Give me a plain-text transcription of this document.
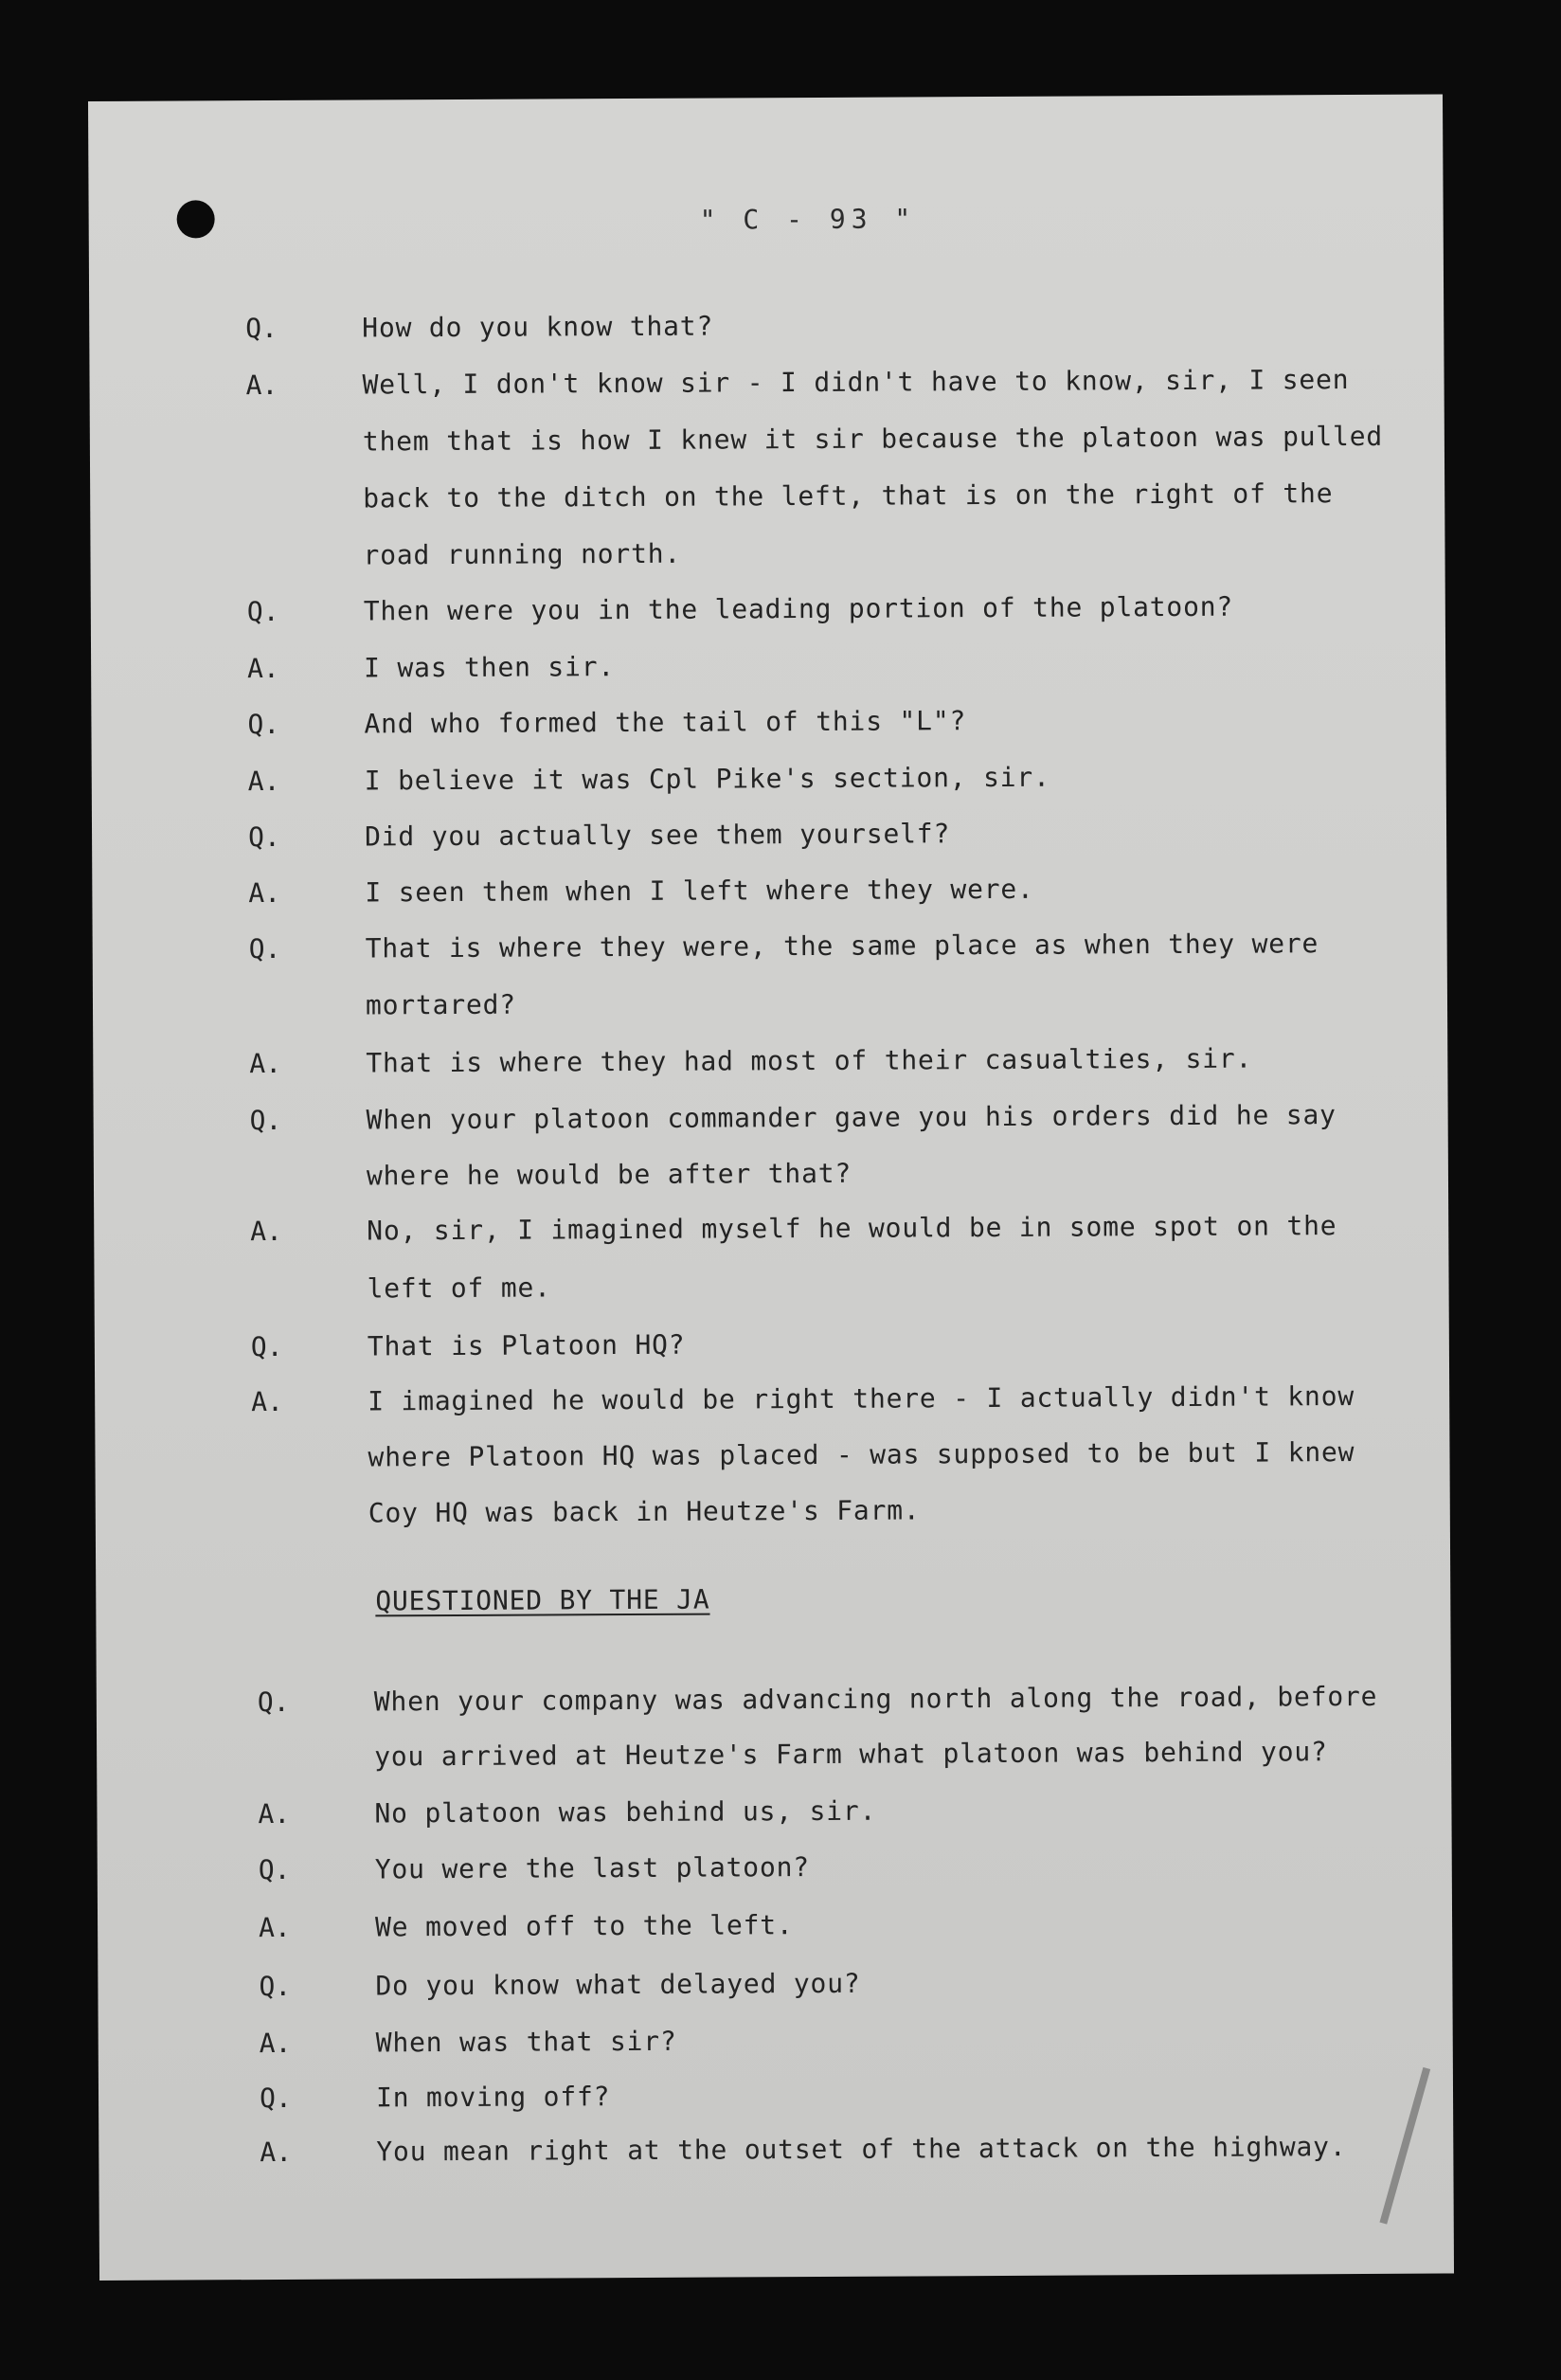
" C - 93 "
Q.	How do you know that?
A.	Well, I don't know sir - I didn't have to know, sir, I seen
them that is how I knew it sir because the platoon was pulled
back to the ditch on the left, that is on the right of the
road running north.
Q.	Then were you in the leading portion of the platoon?
A.	I was then sir.
Q.	And who formed the tail of this "L"?
A.	I believe it was Cpl Pike's section, sir.
Q.	Did you actually see them yourself?
A.	I seen them when I left where they were.
Q.	That is where they were, the same place as when they were
mortared?
A.	That is where they had most of their casualties, sir.
Q.	When your platoon commander gave you his orders did he say
where he would be after that?
A.	No, sir, I imagined myself he would be in some spot on the
left of me.
Q.	That is Platoon HQ?
A.	I imagined he would be right there - I actually didn't know
where Platoon HQ was placed - was supposed to be but I knew
Coy HQ was back in Heutze's Farm.
QUESTIONED BY THE JA
Q.	When your company was advancing north along the road, before
you arrived at Heutze's Farm what platoon was behind you?
A.	No platoon was behind us, sir.
Q.	You were the last platoon?
A.	We moved off to the left.
Q.	Do you know what delayed you?
A.	When was that sir?
Q.	In moving off?
A.	You mean right at the outset of the attack on the highway.
